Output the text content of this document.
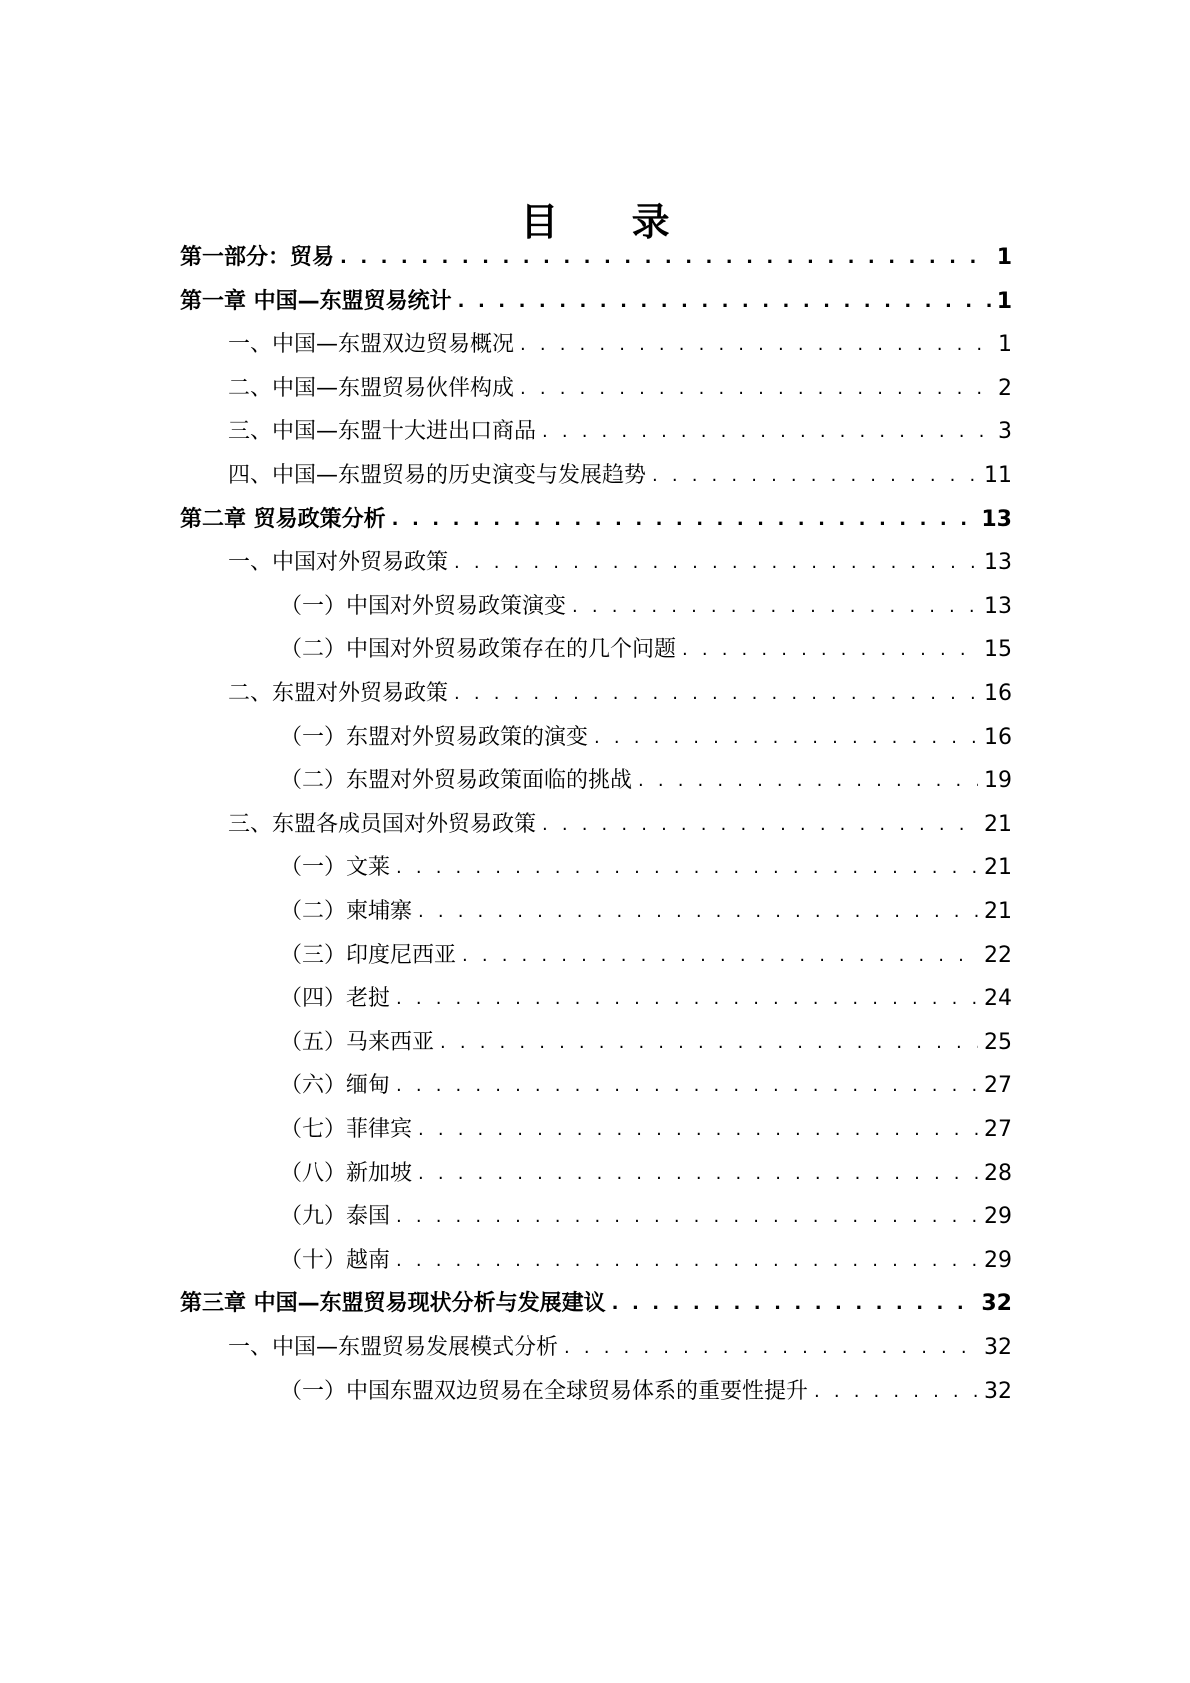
目 录
第一部分：贸易 . . .	1
第一章 中国—东盟贸易统计 . . .	1
一、中国—东盟双边贸易概况 . . .	1
二、中国—东盟贸易伙伴构成 . . .	2
三、中国—东盟十大进出口商品 . . .	3
四、中国—东盟贸易的历史演变与发展趋势 . . .	11
第二章 贸易政策分析 . . .	13
一、中国对外贸易政策 . . .	13
（一）中国对外贸易政策演变 . . .	13
（二）中国对外贸易政策存在的几个问题 . . .	15
二、东盟对外贸易政策 . . .	16
（一）东盟对外贸易政策的演变 . . .	16
（二）东盟对外贸易政策面临的挑战 . . .	19
三、东盟各成员国对外贸易政策 . . .	21
（一）文莱 . . .	21
（二）柬埔寨 . . .	21
（三）印度尼西亚 . . .	22
（四）老挝 . . .	24
（五）马来西亚 . . .	25
（六）缅甸 . . .	27
（七）菲律宾 . . .	27
（八）新加坡 . . .	28
（九）泰国 . . .	29
（十）越南 . . .	29
第三章 中国—东盟贸易现状分析与发展建议 . . .	32
一、中国—东盟贸易发展模式分析 . . .	32
（一）中国东盟双边贸易在全球贸易体系的重要性提升 . . .	32
